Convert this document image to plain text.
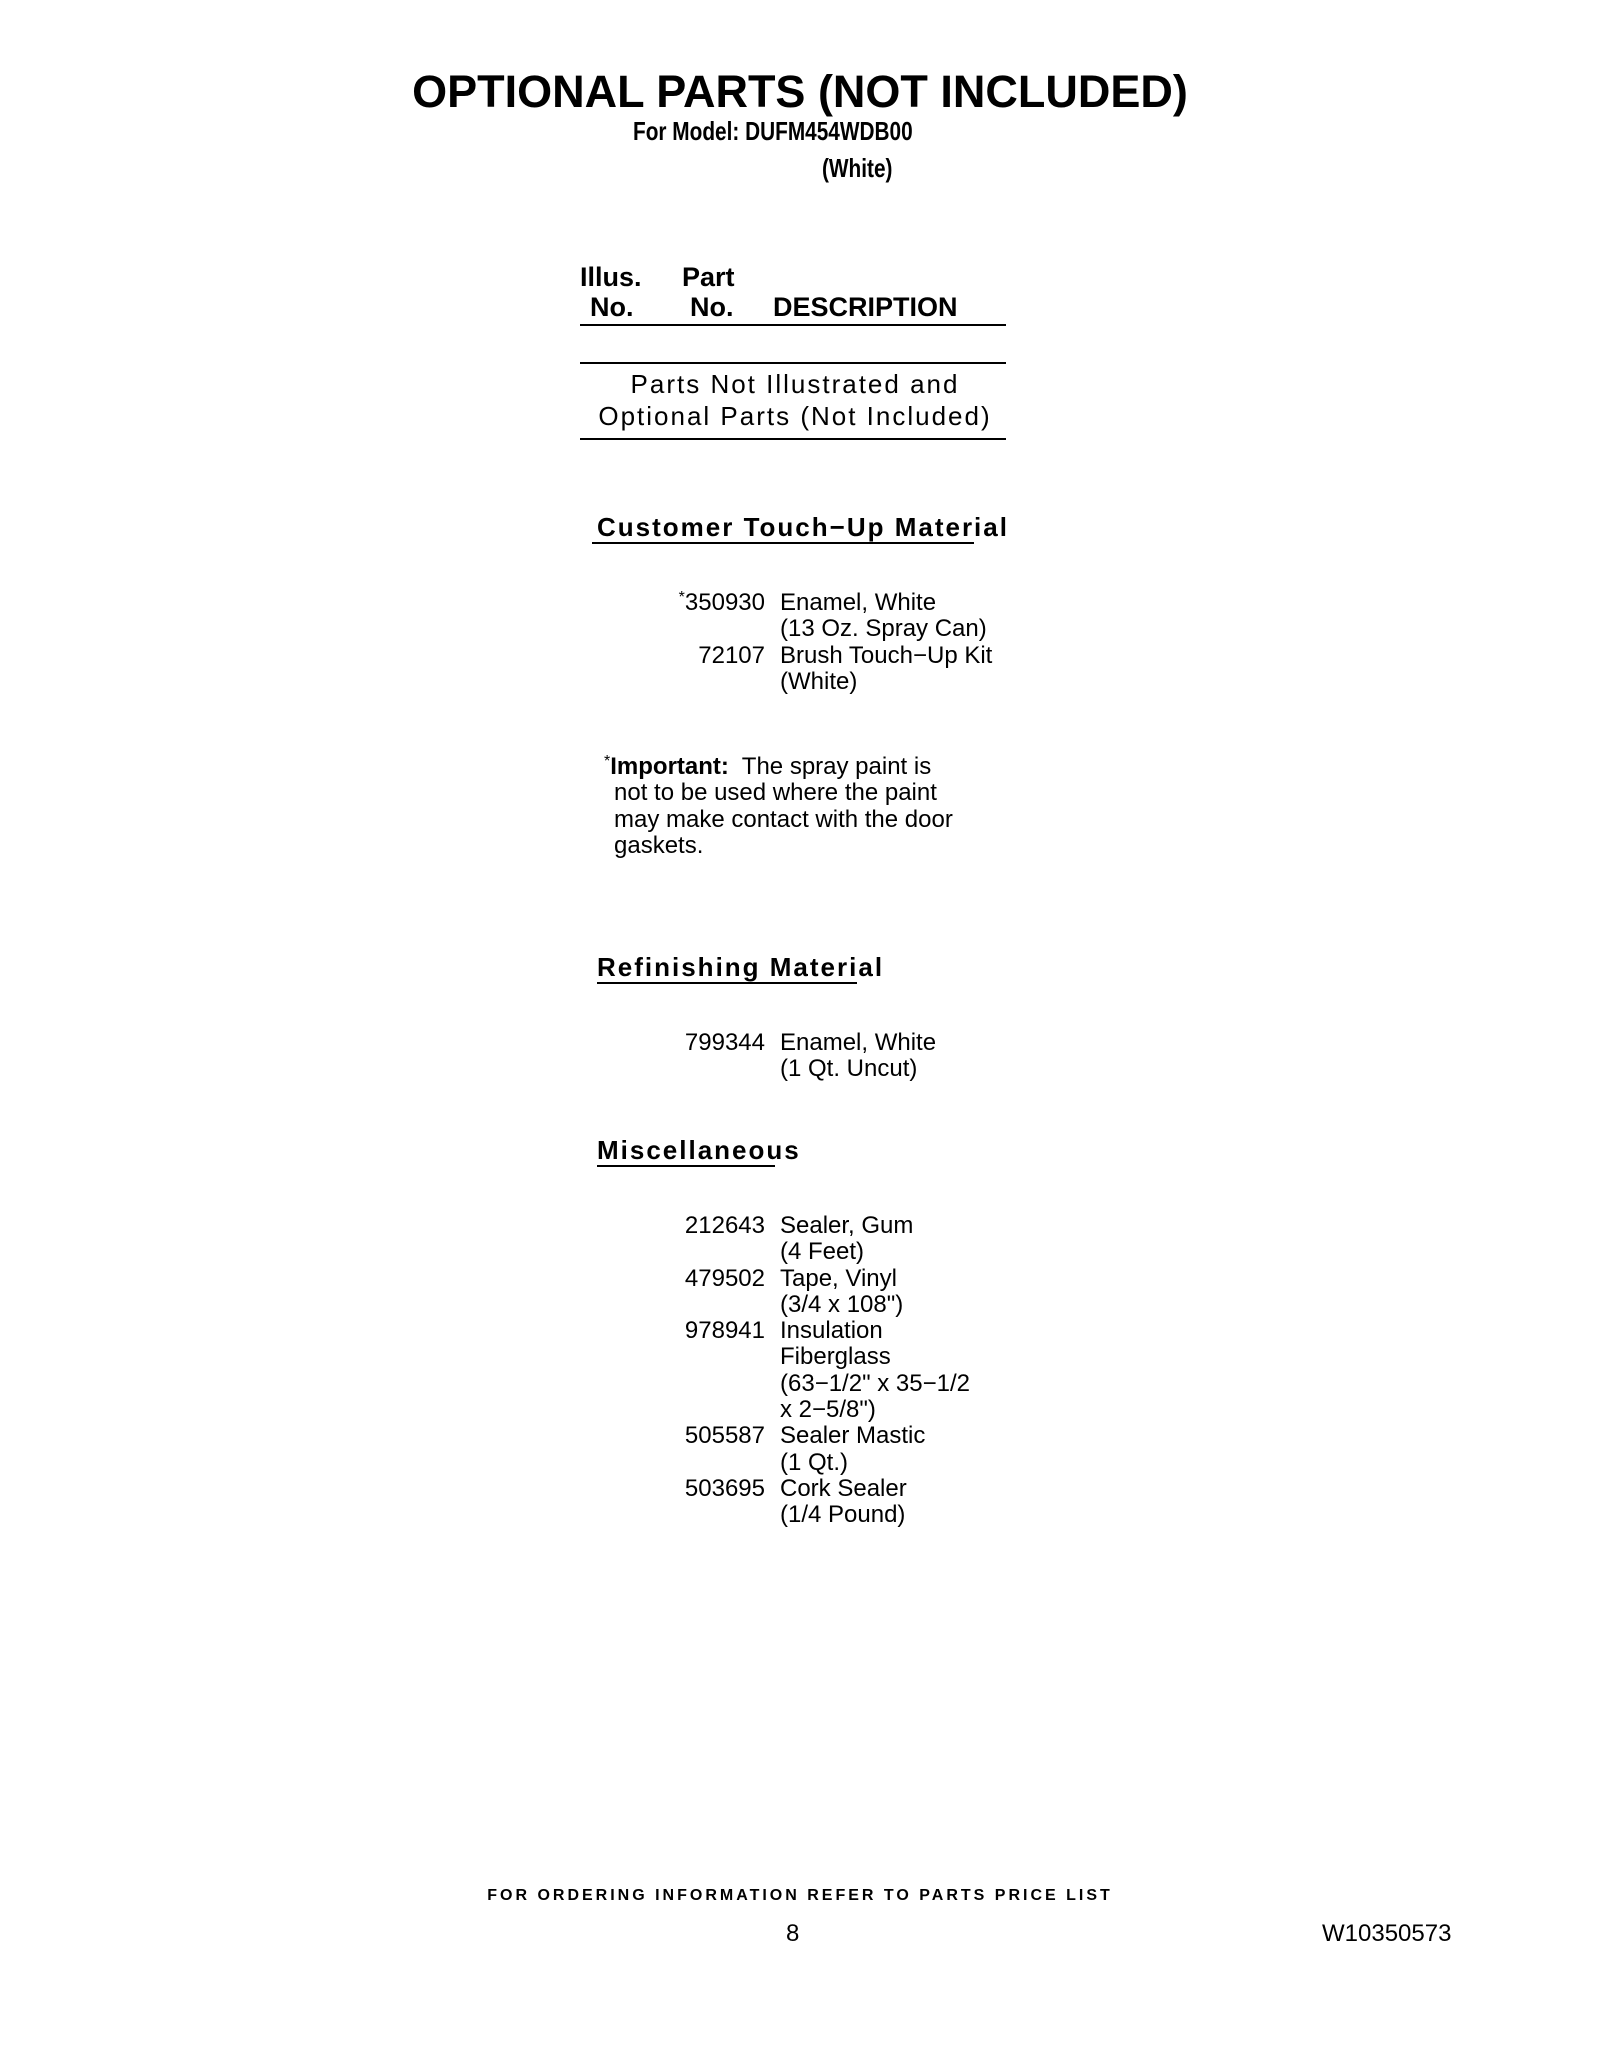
OPTIONAL PARTS (NOT INCLUDED)
For Model: DUFM454WDB00
(White)
Illus.
No.
Part
No. DESCRIPTION
Parts Not Illustrated and
Optional Parts (Not Included)
Customer Touch−Up Material
*350930 Enamel, White
(13 Oz. Spray Can)
72107 Brush Touch−Up Kit
(White)
*Important: The spray paint is
not to be used where the paint
may make contact with the door
gaskets.
Refinishing Material
799344 Enamel, White
(1 Qt. Uncut)
Miscellaneous
212643 Sealer, Gum
(4 Feet)
479502 Tape, Vinyl
(3/4 x 108")
978941 Insulation
Fiberglass
(63−1/2" x 35−1/2
x 2−5/8")
505587 Sealer Mastic
(1 Qt.)
503695 Cork Sealer
(1/4 Pound)
FOR ORDERING INFORMATION REFER TO PARTS PRICE LIST
8	W10350573
